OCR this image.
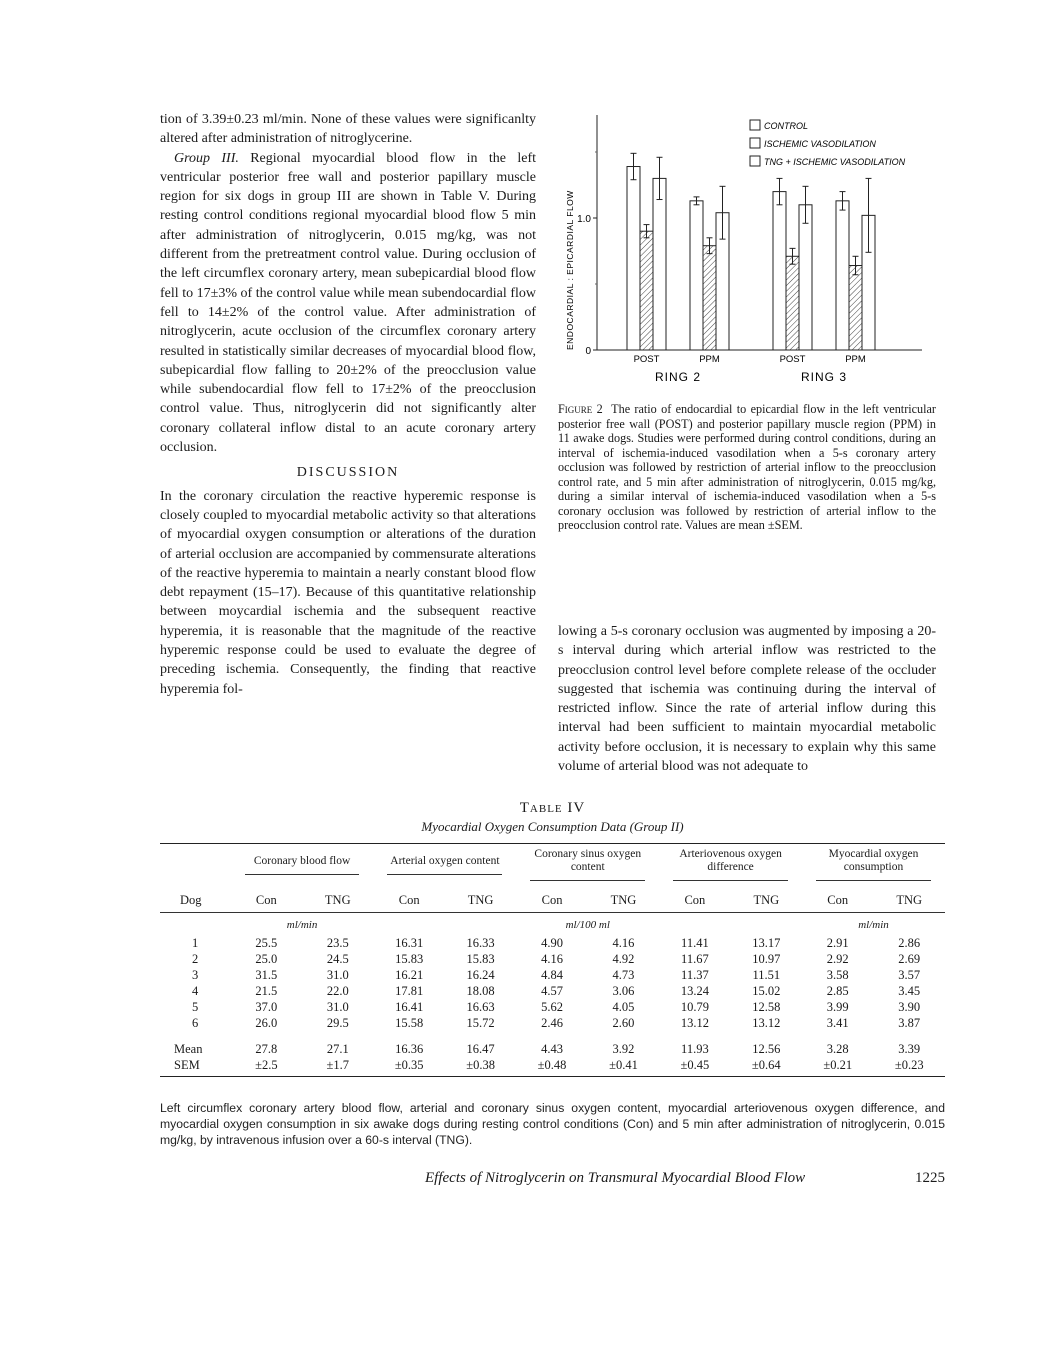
tion of 3.39±0.23 ml/min. None of these values were significanlty altered after administration of nitroglycerine.

Group III. Regional myocardial blood flow in the left ventricular posterior free wall and posterior papillary muscle region for six dogs in group III are shown in Table V. During resting control conditions regional myocardial blood flow 5 min after administration of nitroglycerin, 0.015 mg/kg, was not different from the pretreatment control value. During occlusion of the left circumflex coronary artery, mean subepicardial blood flow fell to 17±3% of the control value while mean subendocardial flow fell to 14±2% of the control value. After administration of nitroglycerin, acute occlusion of the circumflex coronary artery resulted in statistically similar decreases of myocardial blood flow, subepicardial flow falling to 20±2% of the preocclusion value while subendocardial flow fell to 17±2% of the preocclusion control value. Thus, nitroglycerin did not significantly alter coronary collateral inflow distal to an acute coronary artery occlusion.

DISCUSSION

In the coronary circulation the reactive hyperemic response is closely coupled to myocardial metabolic activity so that alterations of myocardial oxygen consumption or alterations of the duration of arterial occlusion are accompanied by commensurate alterations of the reactive hyperemia to maintain a nearly constant blood flow debt repayment (15–17). Because of this quantitative relationship between moycardial ischemia and the subsequent reactive hyperemia, it is reasonable that the magnitude of the reactive hyperemic response could be used to evaluate the degree of preceding ischemia. Consequently, the finding that reactive hyperemia fol-

ENDOCARDIAL : EPICARDIAL FLOW
0
1.0
POST	PPM
RING 2
POST	PPM
RING 3
CONTROL
ISCHEMIC VASODILATION
TNG + ISCHEMIC VASODILATION
Figure 2 The ratio of endocardial to epicardial flow in the left ventricular posterior free wall (POST) and posterior papillary muscle region (PPM) in 11 awake dogs. Studies were performed during control conditions, during an interval of ischemia-induced vasodilation when a 5-s coronary artery occlusion was followed by restriction of arterial inflow to the preocclusion control rate, and 5 min after administration of nitroglycerin, 0.015 mg/kg, during a similar interval of ischemia-induced vasodilation when a 5-s coronary occlusion was followed by restriction of arterial inflow to the preocclusion control rate. Values are mean ±SEM.

lowing a 5-s coronary occlusion was augmented by imposing a 20-s interval during which arterial inflow was restricted to the preocclusion control level before complete release of the occluder suggested that ischemia was continuing during the interval of restricted inflow. Since the rate of arterial inflow during this interval had been sufficient to maintain myocardial metabolic activity before occlusion, it is necessary to explain why this same volume of arterial blood was not adequate to

Table IV
Myocardial Oxygen Consumption Data (Group II)

	Coronary blood flow		Arterial oxygen content		Coronary sinus oxygen content		Arteriovenous oxygen difference		Myocardial oxygen consumption	

Dog	Con	TNG	Con	TNG	Con	TNG	Con	TNG	Con	TNG
	ml/min				ml/100 ml				ml/min	
1	25.5	23.5	16.31	16.33	4.90	4.16	11.41	13.17	2.91	2.86
2	25.0	24.5	15.83	15.83	4.16	4.92	11.67	10.97	2.92	2.69
3	31.5	31.0	16.21	16.24	4.84	4.73	11.37	11.51	3.58	3.57
4	21.5	22.0	17.81	18.08	4.57	3.06	13.24	15.02	2.85	3.45
5	37.0	31.0	16.41	16.63	5.62	4.05	10.79	12.58	3.99	3.90
6	26.0	29.5	15.58	15.72	2.46	2.60	13.12	13.12	3.41	3.87
Mean	27.8	27.1	16.36	16.47	4.43	3.92	11.93	12.56	3.28	3.39
SEM	±2.5	±1.7	±0.35	±0.38	±0.48	±0.41	±0.45	±0.64	±0.21	±0.23
Left circumflex coronary artery blood flow, arterial and coronary sinus oxygen content, myocardial arteriovenous oxygen difference, and myocardial oxygen consumption in six awake dogs during resting control conditions (Con) and 5 min after administration of nitroglycerin, 0.015 mg/kg, by intravenous infusion over a 60-s interval (TNG).
Effects of Nitroglycerin on Transmural Myocardial Blood Flow	1225
